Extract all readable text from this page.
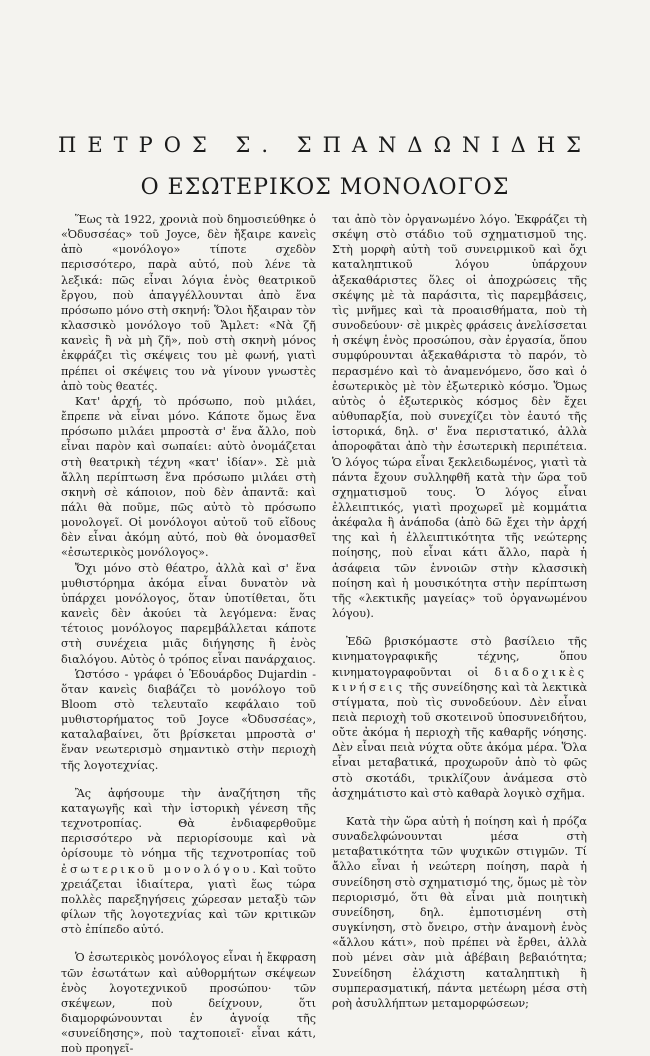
ΠΕΤΡΟΣ Σ. ΣΠΑΝΔΩΝΙΔΗΣ
Ο ΕΣΩΤΕΡΙΚΟΣ ΜΟΝΟΛΟΓΟΣ

Ἕως τὰ 1922, χρονιὰ ποὺ δημοσιεύθηκε ὁ «Ὀδυσσέας» τοῦ Joyce, δὲν ἤξαιρε κανεὶς ἀπὸ «μονόλογο» τίποτε σχεδὸν περισσότερο, παρὰ αὐτό, ποὺ λένε τὰ λεξικά: πῶς εἶναι λόγια ἑνὸς θεατρικοῦ ἔργου, ποὺ ἀπαγγέλλουνται ἀπὸ ἕνα πρόσωπο μόνο στὴ σκηνή: Ὅλοι ἤξαιραν τὸν κλασσικὸ μονόλογο τοῦ Ἄμλετ: «Νὰ ζῆ κανεὶς ἢ νὰ μὴ ζῆ», ποὺ στὴ σκηνὴ μόνος ἐκφράζει τὶς σκέψεις του μὲ φωνή, γιατὶ πρέπει οἱ σκέψεις του νὰ γίνουν γνωστὲς ἀπὸ τοὺς θεατές.

Κατ' ἀρχή, τὸ πρόσωπο, ποὺ μιλάει, ἔπρεπε νὰ εἶναι μόνο. Κάποτε ὅμως ἕνα πρόσωπο μιλάει μπροστὰ σ' ἕνα ἄλλο, ποὺ εἶναι παρὸν καὶ σωπαίει: αὐτὸ ὀνομάζεται στὴ θεατρικὴ τέχνη «κατ' ἰδίαν». Σὲ μιὰ ἄλλη περίπτωση ἕνα πρόσωπο μιλάει στὴ σκηνὴ σὲ κάποιον, ποὺ δὲν ἀπαντᾶ: καὶ πάλι θὰ ποῦμε, πῶς αὐτὸ τὸ πρόσωπο μονολογεῖ. Οἱ μονόλογοι αὐτοῦ τοῦ εἴδους δὲν εἶναι ἀκόμη αὐτό, ποὺ θὰ ὀνομασθεῖ «ἐσωτερικὸς μονόλογος».

Ὄχι μόνο στὸ θέατρο, ἀλλὰ καὶ σ' ἕνα μυθιστόρημα ἀκόμα εἶναι δυνατὸν νὰ ὑπάρχει μονόλογος, ὅταν ὑποτίθεται, ὅτι κανεὶς δὲν ἀκούει τὰ λεγόμενα: ἕνας τέτοιος μονόλογος παρεμβάλλεται κάποτε στὴ συνέχεια μιᾶς διήγησης ἢ ἑνὸς διαλόγου. Αὐτὸς ὁ τρόπος εἶναι πανάρχαιος.

Ὡστόσο - γράφει ὁ Ἐδουάρδος Dujardin - ὅταν κανεὶς διαβάζει τὸ μονόλογο τοῦ Bloom στὸ τελευταῖο κεφάλαιο τοῦ μυθιστορήματος τοῦ Joyce «Ὀδυσσέας», καταλαβαίνει, ὅτι βρίσκεται μπροστὰ σ' ἕναν νεωτερισμὸ σημαντικὸ στὴν περιοχὴ τῆς λογοτεχνίας.

Ἂς ἀφήσουμε τὴν ἀναζήτηση τῆς καταγωγῆς καὶ τὴν ἱστορικὴ γένεση τῆς τεχνοτροπίας. Θὰ ἐνδιαφερθοῦμε περισσότερο νὰ περιορίσουμε καὶ νὰ ὁρίσουμε τὸ νόημα τῆς τεχνοτροπίας τοῦ ἐσωτερικοῦ μονολόγου. Καὶ τοῦτο χρειάζεται ἰδιαίτερα, γιατὶ ἕως τώρα πολλὲς παρεξηγήσεις χώρεσαν μεταξὺ τῶν φίλων τῆς λογοτεχνίας καὶ τῶν κριτικῶν στὸ ἐπίπεδο αὐτό.

Ὁ ἐσωτερικὸς μονόλογος εἶναι ἡ ἔκφραση τῶν ἐσωτάτων καὶ αὐθορμήτων σκέψεων ἑνὸς λογοτεχνικοῦ προσώπου· τῶν σκέψεων, ποὺ δείχνουν, ὅτι διαμορφώνουνται ἐν ἀγνοίᾳ τῆς «συνείδησης», ποὺ ταχτοποιεῖ· εἶναι κάτι, ποὺ προηγεῖ-

ται ἀπὸ τὸν ὀργανωμένο λόγο. Ἐκφράζει τὴ σκέψη στὸ στάδιο τοῦ σχηματισμοῦ της. Στὴ μορφὴ αὐτὴ τοῦ συνειρμικοῦ καὶ ὄχι καταληπτικοῦ λόγου ὑπάρχουν ἀξεκαθάριστες ὅλες οἱ ἀποχρώσεις τῆς σκέψης μὲ τὰ παράσιτα, τὶς παρεμβάσεις, τὶς μνῆμες καὶ τὰ προαισθήματα, ποὺ τὴ συνοδεύουν· σὲ μικρὲς φράσεις ἀνελίσσεται ἡ σκέψη ἑνὸς προσώπου, σὰν ἐργασία, ὅπου συμφύρουνται ἀξεκαθάριστα τὸ παρόν, τὸ περασμένο καὶ τὸ ἀναμενόμενο, ὅσο καὶ ὁ ἐσωτερικὸς μὲ τὸν ἐξωτερικὸ κόσμο. Ὅμως αὐτὸς ὁ ἐξωτερικὸς κόσμος δὲν ἔχει αὐθυπαρξία, ποὺ συνεχίζει τὸν ἑαυτό τῆς ἱστορικά, δηλ. σ' ἕνα περιστατικό, ἀλλὰ ἀποροφᾶται ἀπὸ τὴν ἐσωτερικὴ περιπέτεια. Ὁ λόγος τώρα εἶναι ξεκλειδωμένος, γιατὶ τὰ πάντα ἔχουν συλληφθῆ κατὰ τὴν ὥρα τοῦ σχηματισμοῦ τους. Ὁ λόγος εἶναι ἐλλειπτικός, γιατὶ προχωρεῖ μὲ κομμάτια ἀκέφαλα ἢ ἀνάποδα (ἀπὸ δῶ ἔχει τὴν ἀρχή της καὶ ἡ ἐλλειπτικότητα τῆς νεώτερης ποίησης, ποὺ εἶναι κάτι ἄλλο, παρὰ ἡ ἀσάφεια τῶν ἐννοιῶν στὴν κλασσικὴ ποίηση καὶ ἡ μουσικότητα στὴν περίπτωση τῆς «λεκτικῆς μαγείας» τοῦ ὀργανωμένου λόγου).

Ἐδῶ βρισκόμαστε στὸ βασίλειο τῆς κινηματογραφικῆς τέχνης, ὅπου κινηματογραφοῦνται οἱ διαδοχικὲς κινήσεις τῆς συνείδησης καὶ τὰ λεκτικὰ στίγματα, ποὺ τὶς συνοδεύουν. Δὲν εἶναι πειὰ περιοχὴ τοῦ σκοτεινοῦ ὑποσυνειδήτου, οὔτε ἀκόμα ἡ περιοχὴ τῆς καθαρῆς νόησης. Δὲν εἶναι πειὰ νύχτα οὔτε ἀκόμα μέρα. Ὅλα εἶναι μεταβατικά, προχωροῦν ἀπὸ τὸ φῶς στὸ σκοτάδι, τρικλίζουν ἀνάμεσα στὸ ἀσχημάτιστο καὶ στὸ καθαρὰ λογικὸ σχῆμα.

Κατὰ τὴν ὥρα αὐτὴ ἡ ποίηση καὶ ἡ πρόζα συναδελφώνουνται μέσα στὴ μεταβατικότητα τῶν ψυχικῶν στιγμῶν. Τί ἄλλο εἶναι ἡ νεώτερη ποίηση, παρὰ ἡ συνείδηση στὸ σχηματισμό της, ὅμως μὲ τὸν περιορισμό, ὅτι θὰ εἶναι μιὰ ποιητικὴ συνείδηση, δηλ. ἐμποτισμένη στὴ συγκίνηση, στὸ ὄνειρο, στὴν ἀναμονὴ ἑνὸς «ἄλλου κάτι», ποὺ πρέπει νὰ ἔρθει, ἀλλὰ ποὺ μένει σὰν μιὰ ἀβέβαιη βεβαιότητα; Συνείδηση ἐλάχιστη καταληπτικὴ ἢ συμπερασματική, πάντα μετέωρη μέσα στὴ ροὴ ἀσυλλήπτων μεταμορφώσεων;
